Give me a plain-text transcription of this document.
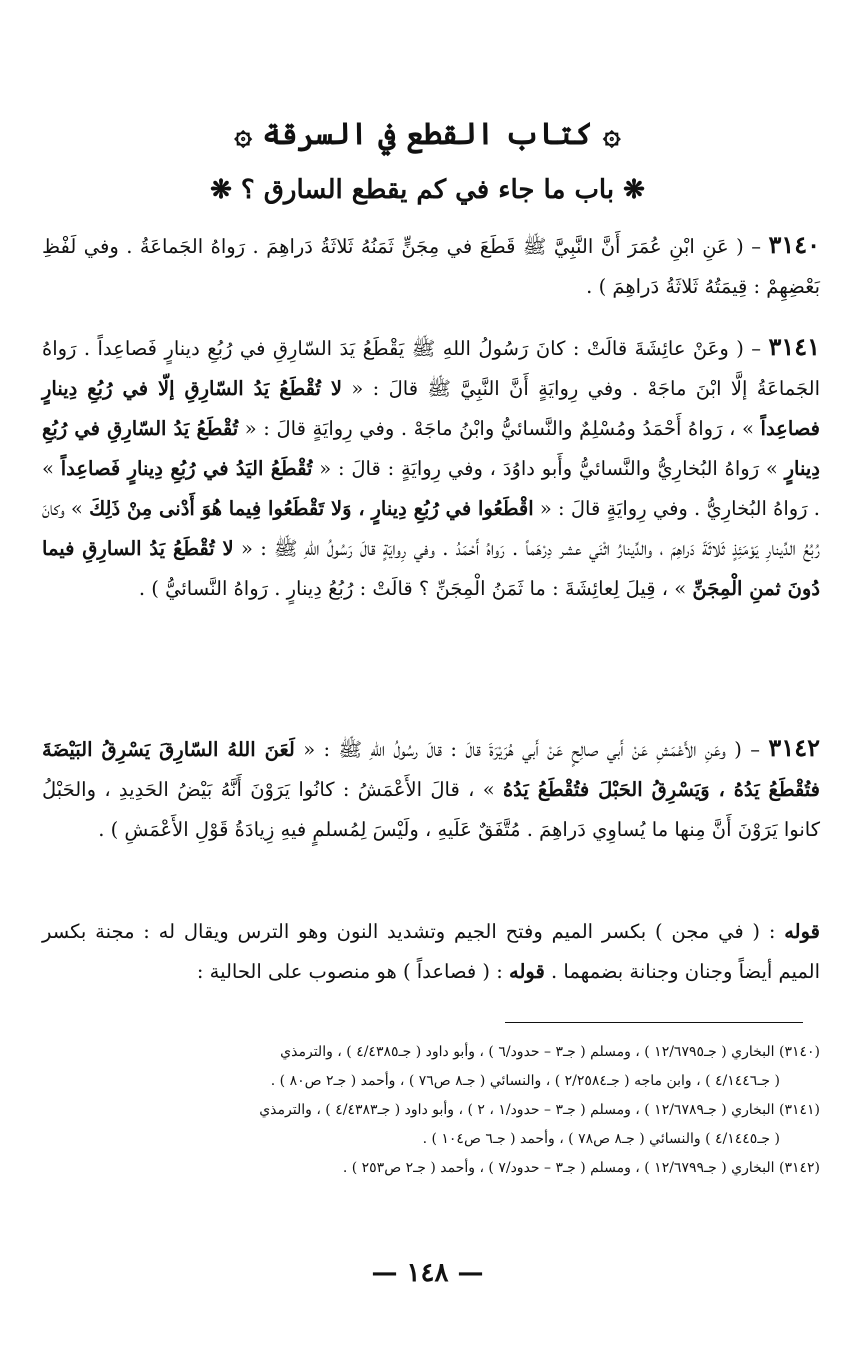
۞ كتاب القطع في السرقة ۞
❋ باب ما جاء في كم يقطع السارق ؟ ❋
٣١٤٠ – ( عَنِ ابْنِ عُمَرَ أَنَّ النَّبِيَّ ﷺ قَطَعَ في مِجَنٍّ ثَمَنُهُ ثَلاثَةُ دَراهِمَ . رَواهُ الجَماعَةُ . وفي لَفْظِ بَعْضِهِمْ : قِيمَتُهُ ثَلاثَةُ دَراهِمَ ) .
٣١٤١ – ( وعَنْ عائِشَةَ قالَتْ : كانَ رَسُولُ اللهِ ﷺ يَقْطَعُ يَدَ السّارِقِ في رُبُعِ دينارٍ فَصاعِداً . رَواهُ الجَماعَةُ إلَّا ابْنَ ماجَهْ . وفي رِوايَةٍ أَنَّ النَّبِيَّ ﷺ قالَ : « لا تُقْطَعُ يَدُ السّارِقِ إلّا في رُبُعِ دِينارٍ فصاعِداً » ، رَواهُ أَحْمَدُ ومُسْلِمٌ والنَّسائيُّ وابْنُ ماجَهْ . وفي رِوايَةٍ قالَ : « تُقْطَعُ يَدُ السّارِقِ في رُبُعِ دِينارٍ » رَواهُ البُخارِيُّ والنَّسائيُّ وأَبو داوُدَ ، وفي رِوايَةٍ : قالَ : « تُقْطَعُ اليَدُ في رُبُعِ دِينارٍ فَصاعِداً » . رَواهُ البُخارِيُّ . وفي رِوايَةٍ قالَ : « اقْطَعُوا في رُبُعِ دِينارٍ ، وَلا تَقْطَعُوا فِيما هُوَ أَدْنى مِنْ ذَلِكَ » وكانَ رُبُعُ الدِّينارِ يَوْمَئِذٍ ثَلاثَةَ دَراهِمَ ، والدِّينارُ اثْنَي عشر دِرْهَماً . رَواهُ أَحْمَدُ . وفي رِوايَةٍ قالَ رَسُولُ اللهِ ﷺ : « لا تُقْطَعُ يَدُ السارِقِ فيما دُونَ ثمنِ الْمِجَنِّ » ، قِيلَ لِعائِشَةَ : ما ثَمَنُ الْمِجَنِّ ؟ قالَتْ : رُبُعُ دِينارٍ . رَواهُ النَّسائيُّ ) .
٣١٤٢ – ( وعَنِ الأَعْمَشِ عَنْ أَبي صالِحٍ عَنْ أَبي هُرَيْرَةَ قالَ : قالَ رسُولُ اللهِ ﷺ : « لَعَنَ اللهُ السّارِقَ يَسْرِقُ البَيْضَةَ فتُقْطَعُ يَدُهُ ، وَيَسْرِقُ الحَبْلَ فتُقْطَعُ يَدُهُ » ، قالَ الأَعْمَشُ : كانُوا يَرَوْنَ أَنَّهُ بَيْضُ الحَدِيدِ ، والحَبْلُ كانوا يَرَوْنَ أَنَّ مِنها ما يُساوِي دَراهِمَ . مُتَّفَقٌ عَلَيهِ ، ولَيْسَ لِمُسلمٍ فيهِ زِيادَةُ قَوْلِ الأَعْمَشِ ) .
قوله : ( في مجن ) بكسر الميم وفتح الجيم وتشديد النون وهو الترس ويقال له : مجنة بكسر الميم أيضاً وجنان وجنانة بضمهما . قوله : ( فصاعداً ) هو منصوب على الحالية :
(٣١٤٠) البخاري ( جـ١٢/٦٧٩٥ ) ، ومسلم ( جـ٣ – حدود/٦ ) ، وأبو داود ( جـ٤/٤٣٨٥ ) ، والترمذي
( جـ٤/١٤٤٦ ) ، وابن ماجه ( جـ٢/٢٥٨٤ ) ، والنسائي ( جـ٨ ص٧٦ ) ، وأحمد ( جـ٢ ص٨٠ ) .
(٣١٤١) البخاري ( جـ١٢/٦٧٨٩ ) ، ومسلم ( جـ٣ – حدود/١ ، ٢ ) ، وأبو داود ( جـ٤/٤٣٨٣ ) ، والترمذي
( جـ٤/١٤٤٥ ) والنسائي ( جـ٨ ص٧٨ ) ، وأحمد ( جـ٦ ص١٠٤ ) .
(٣١٤٢) البخاري ( جـ١٢/٦٧٩٩ ) ، ومسلم ( جـ٣ – حدود/٧ ) ، وأحمد ( جـ٢ ص٢٥٣ ) .
— ١٤٨ —
